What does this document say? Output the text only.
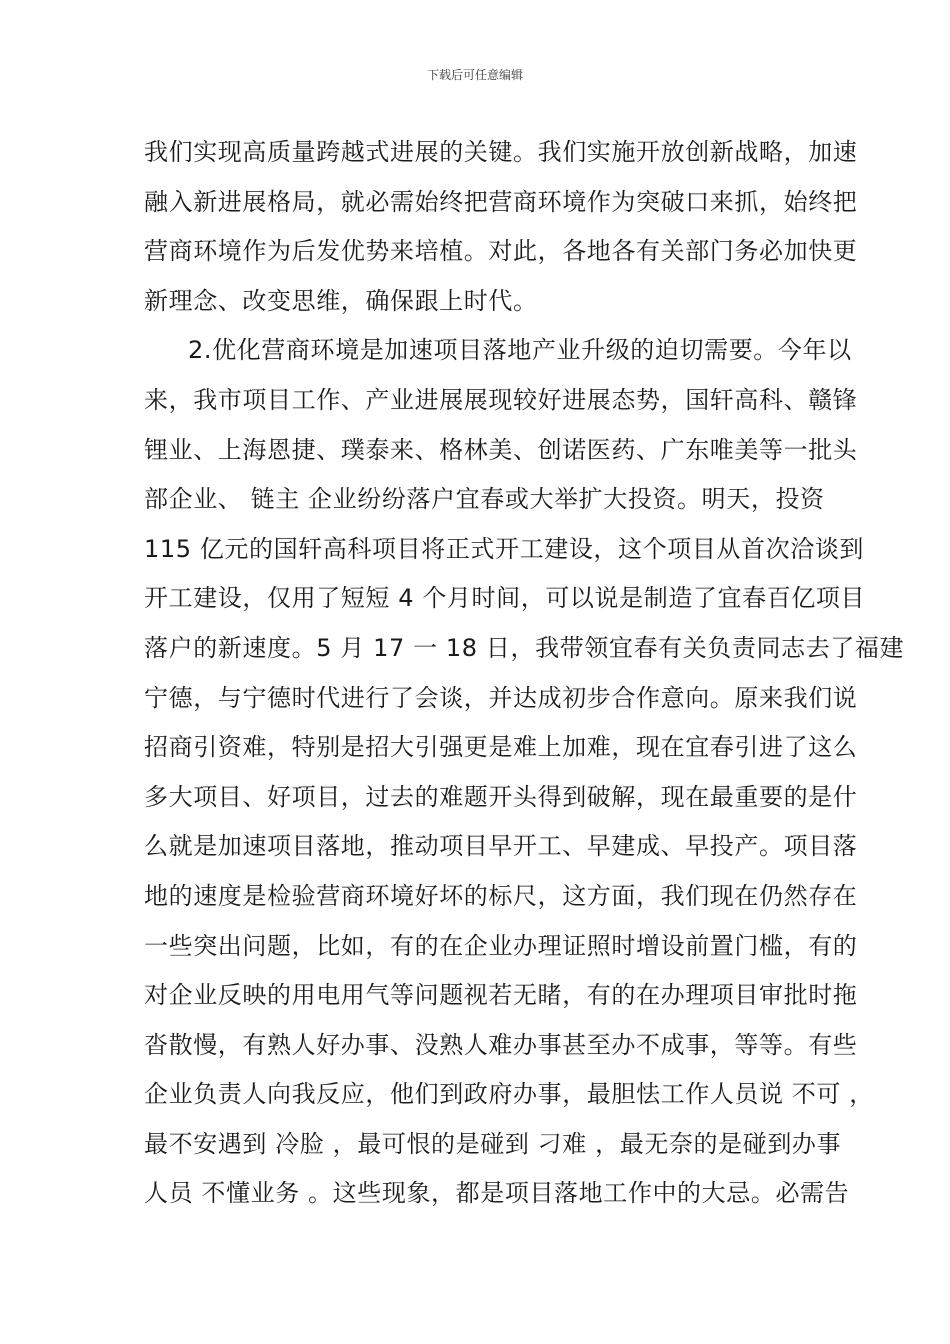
下载后可任意编辑
我们实现高质量跨越式进展的关键。我们实施开放创新战略，加速
融入新进展格局，就必需始终把营商环境作为突破口来抓，始终把
营商环境作为后发优势来培植。对此，各地各有关部门务必加快更
新理念、改变思维，确保跟上时代。
2.优化营商环境是加速项目落地产业升级的迫切需要。今年以
来，我市项目工作、产业进展展现较好进展态势，国轩高科、赣锋
锂业、上海恩捷、璞泰来、格林美、创诺医药、广东唯美等一批头
部企业、 链主 企业纷纷落户宜春或大举扩大投资。明天，投资
115 亿元的国轩高科项目将正式开工建设，这个项目从首次洽谈到
开工建设，仅用了短短 4 个月时间，可以说是制造了宜春百亿项目
落户的新速度。5 月 17 一 18 日，我带领宜春有关负责同志去了福建
宁德，与宁德时代进行了会谈，并达成初步合作意向。原来我们说
招商引资难，特别是招大引强更是难上加难，现在宜春引进了这么
多大项目、好项目，过去的难题开头得到破解，现在最重要的是什
么就是加速项目落地，推动项目早开工、早建成、早投产。项目落
地的速度是检验营商环境好坏的标尺，这方面，我们现在仍然存在
一些突出问题，比如，有的在企业办理证照时增设前置门槛，有的
对企业反映的用电用气等问题视若无睹，有的在办理项目审批时拖
沓散慢，有熟人好办事、没熟人难办事甚至办不成事，等等。有些
企业负责人向我反应，他们到政府办事，最胆怯工作人员说 不可 ，
最不安遇到 冷脸 ，最可恨的是碰到 刁难 ，最无奈的是碰到办事
人员 不懂业务 。这些现象，都是项目落地工作中的大忌。必需告
